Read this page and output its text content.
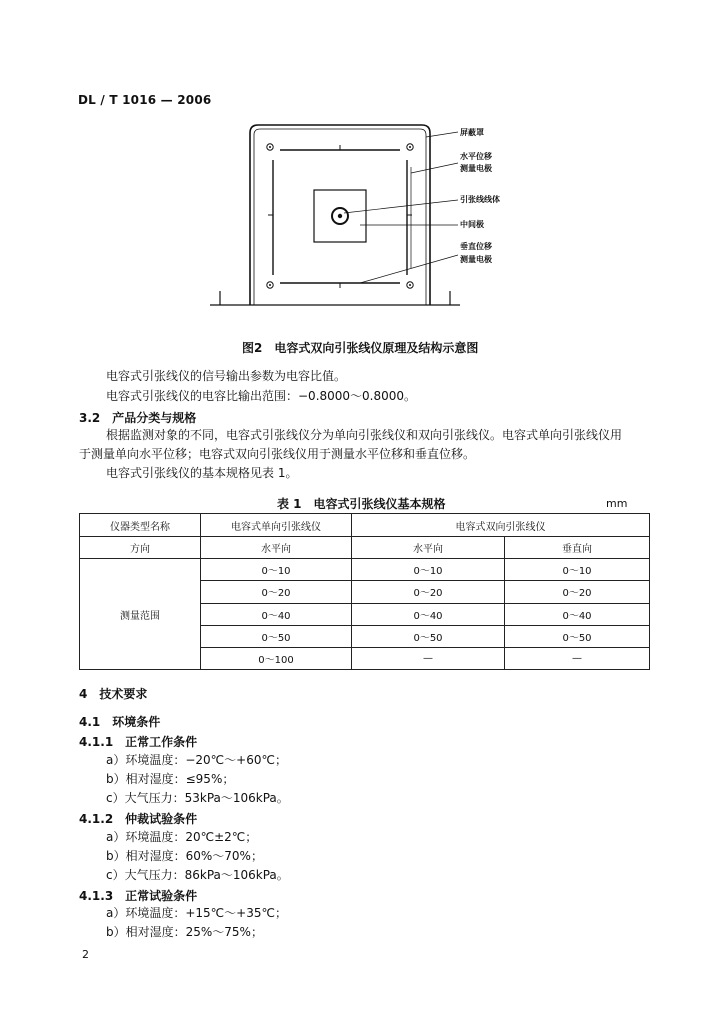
DL / T 1016 — 2006
屏蔽罩
水平位移
测量电极
引张线线体
中间极
垂直位移
测量电极
图2　电容式双向引张线仪原理及结构示意图
电容式引张线仪的信号输出参数为电容比值。
电容式引张线仪的电容比输出范围：−0.8000～0.8000。
3.2　产品分类与规格
根据监测对象的不同，电容式引张线仪分为单向引张线仪和双向引张线仪。电容式单向引张线仪用
于测量单向水平位移；电容式双向引张线仪用于测量水平位移和垂直位移。
电容式引张线仪的基本规格见表 1。
表 1　电容式引张线仪基本规格	mm
仪器类型名称	电容式单向引张线仪	电容式双向引张线仪	
方向	水平向	水平向	垂直向
测量范围	0～10	0～10	0～10
	0～20	0～20	0～20
	0～40	0～40	0～40
	0～50	0～50	0～50
	0～100	—	—
4　技术要求
4.1　环境条件
4.1.1　正常工作条件
a）环境温度：−20℃～+60℃；
b）相对湿度：≤95%；
c）大气压力：53kPa～106kPa。
4.1.2　仲裁试验条件
a）环境温度：20℃±2℃；
b）相对湿度：60%～70%；
c）大气压力：86kPa～106kPa。
4.1.3　正常试验条件
a）环境温度：+15℃～+35℃；
b）相对湿度：25%～75%；
2
